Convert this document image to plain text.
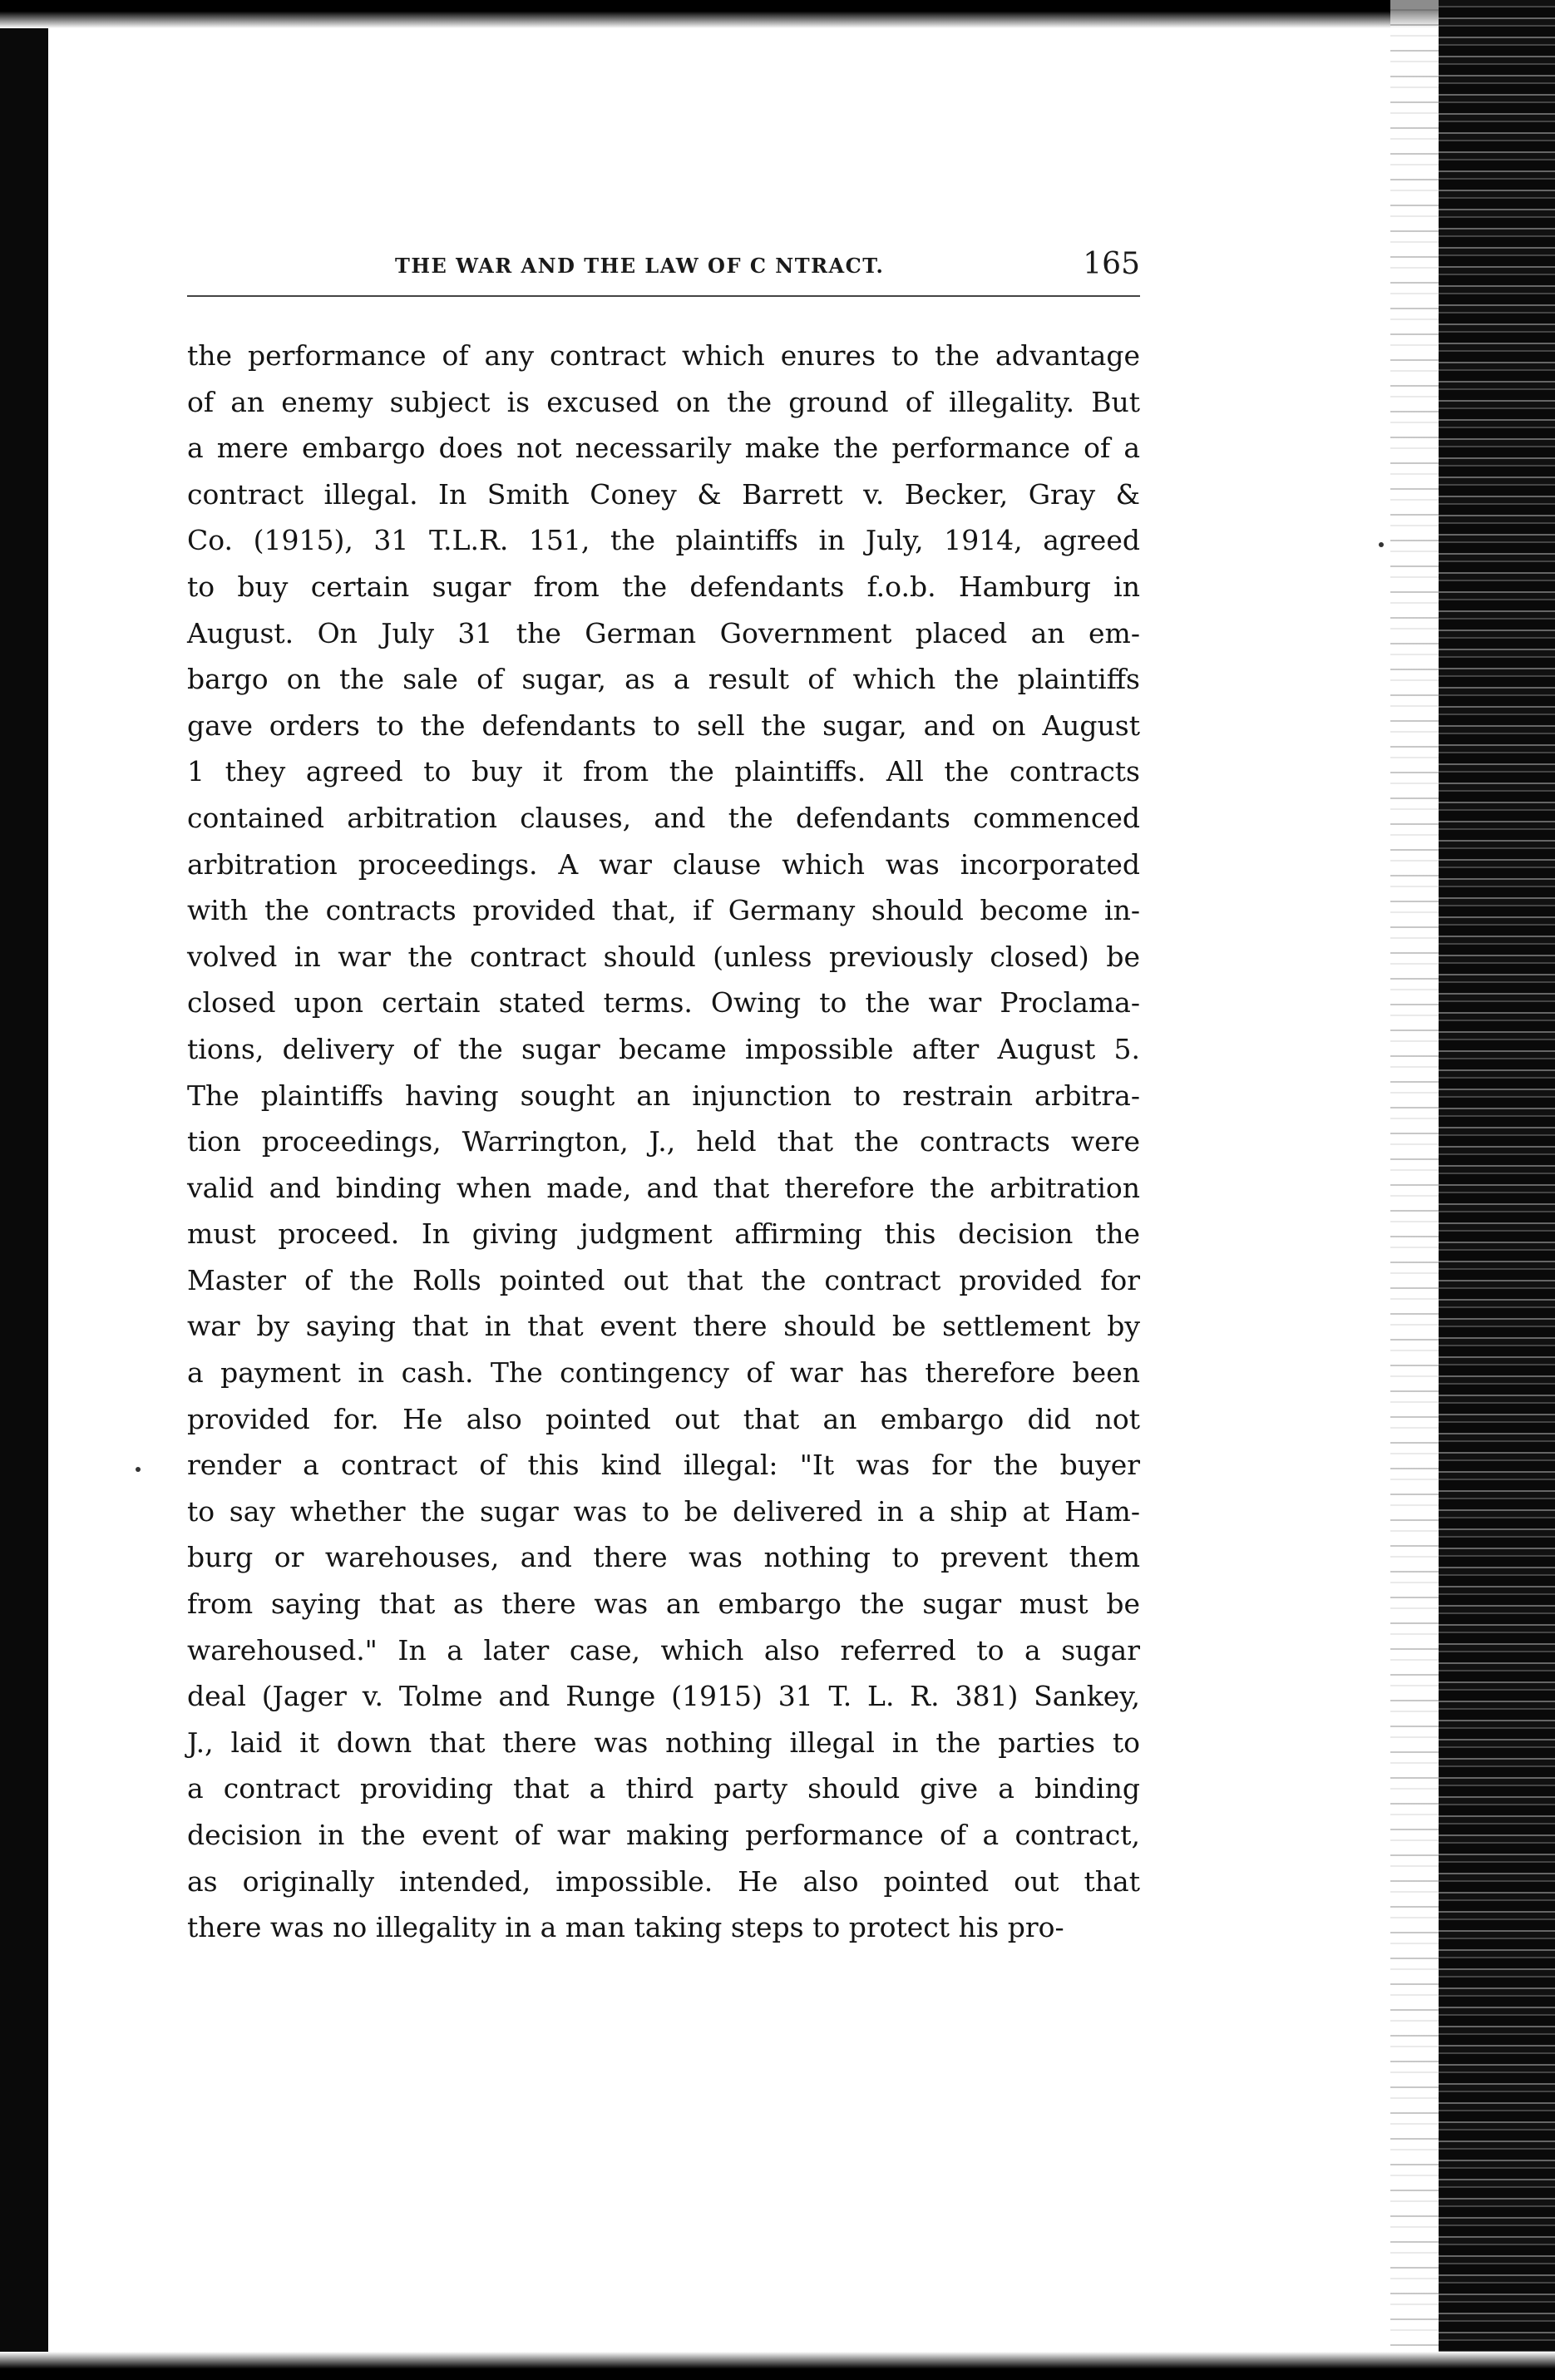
THE WAR AND THE LAW OF C NTRACT.	165
the performance of any contract which enures to the advantage
of an enemy subject is excused on the ground of illegality. But
a mere embargo does not necessarily make the performance of a
contract illegal. In Smith Coney & Barrett v. Becker, Gray &
Co. (1915), 31 T.L.R. 151, the plaintiffs in July, 1914, agreed
to buy certain sugar from the defendants f.o.b. Hamburg in
August. On July 31 the German Government placed an em-
bargo on the sale of sugar, as a result of which the plaintiffs
gave orders to the defendants to sell the sugar, and on August
1 they agreed to buy it from the plaintiffs. All the contracts
contained arbitration clauses, and the defendants commenced
arbitration proceedings. A war clause which was incorporated
with the contracts provided that, if Germany should become in-
volved in war the contract should (unless previously closed) be
closed upon certain stated terms. Owing to the war Proclama-
tions, delivery of the sugar became impossible after August 5.
The plaintiffs having sought an injunction to restrain arbitra-
tion proceedings, Warrington, J., held that the contracts were
valid and binding when made, and that therefore the arbitration
must proceed. In giving judgment affirming this decision the
Master of the Rolls pointed out that the contract provided for
war by saying that in that event there should be settlement by
a payment in cash. The contingency of war has therefore been
provided for. He also pointed out that an embargo did not
render a contract of this kind illegal: "It was for the buyer
to say whether the sugar was to be delivered in a ship at Ham-
burg or warehouses, and there was nothing to prevent them
from saying that as there was an embargo the sugar must be
warehoused." In a later case, which also referred to a sugar
deal (Jager v. Tolme and Runge (1915) 31 T. L. R. 381) Sankey,
J., laid it down that there was nothing illegal in the parties to
a contract providing that a third party should give a binding
decision in the event of war making performance of a contract,
as originally intended, impossible. He also pointed out that
there was no illegality in a man taking steps to protect his pro-
